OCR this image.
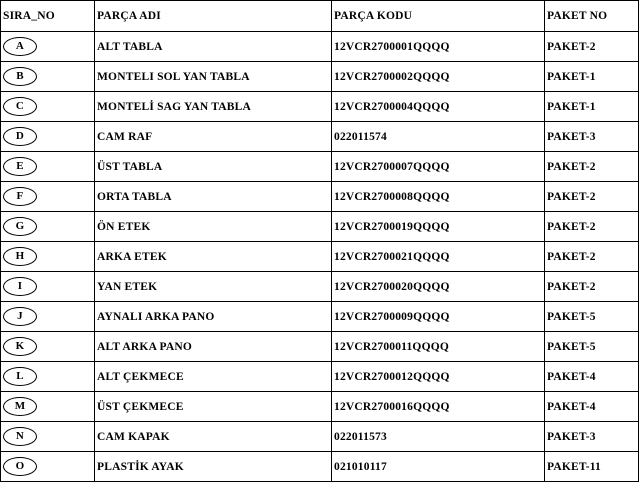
SIRA_NO	PARÇA ADI	PARÇA KODU	PAKET NO
A	ALT TABLA	12VCR2700001QQQQ	PAKET-2
B	MONTELI SOL YAN TABLA	12VCR2700002QQQQ	PAKET-1
C	MONTELİ SAG YAN TABLA	12VCR2700004QQQQ	PAKET-1
D	CAM RAF	022011574	PAKET-3
E	ÜST TABLA	12VCR2700007QQQQ	PAKET-2
F	ORTA TABLA	12VCR2700008QQQQ	PAKET-2
G	ÖN ETEK	12VCR2700019QQQQ	PAKET-2
H	ARKA ETEK	12VCR2700021QQQQ	PAKET-2
I	YAN ETEK	12VCR2700020QQQQ	PAKET-2
J	AYNALI ARKA PANO	12VCR2700009QQQQ	PAKET-5
K	ALT ARKA PANO	12VCR2700011QQQQ	PAKET-5
L	ALT ÇEKMECE	12VCR2700012QQQQ	PAKET-4
M	ÜST ÇEKMECE	12VCR2700016QQQQ	PAKET-4
N	CAM KAPAK	022011573	PAKET-3
O	PLASTİK AYAK	021010117	PAKET-11
